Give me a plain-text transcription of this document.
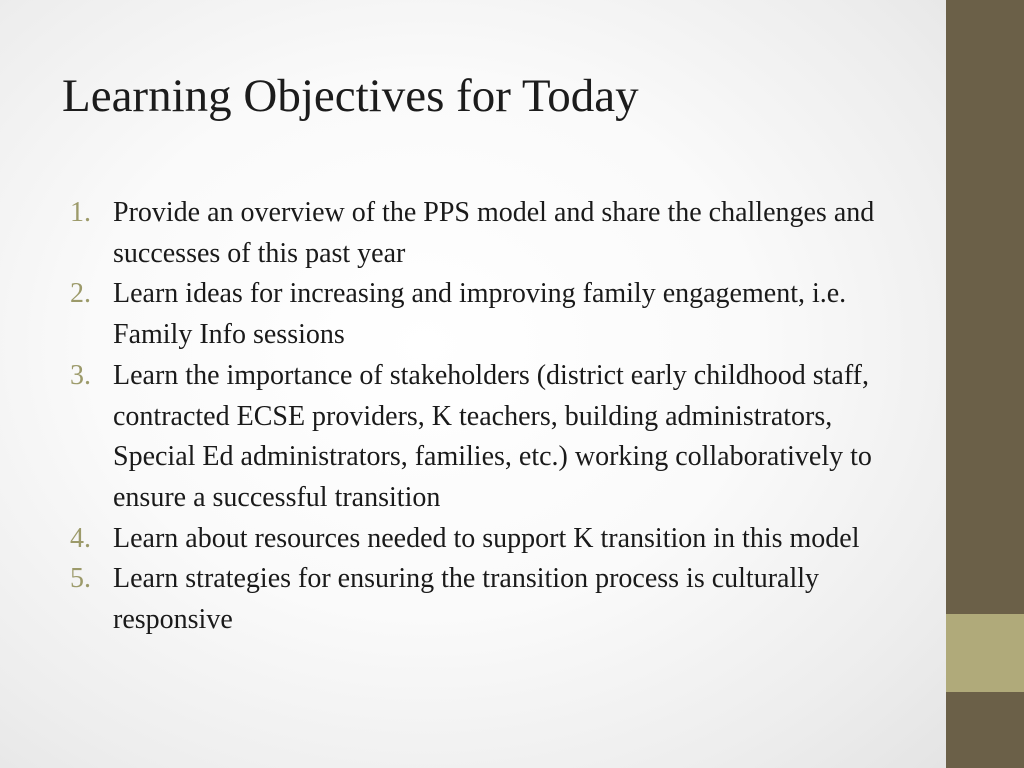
Learning Objectives for Today
1. Provide an overview of the PPS model and share the challenges and successes of this past year
2. Learn ideas for increasing and improving family engagement, i.e. Family Info sessions
3. Learn the importance of stakeholders (district early childhood staff, contracted ECSE providers, K teachers, building administrators, Special Ed administrators, families, etc.) working collaboratively to ensure a successful transition
4. Learn about resources needed to support K transition in this model
5. Learn strategies for ensuring the transition process is culturally responsive
